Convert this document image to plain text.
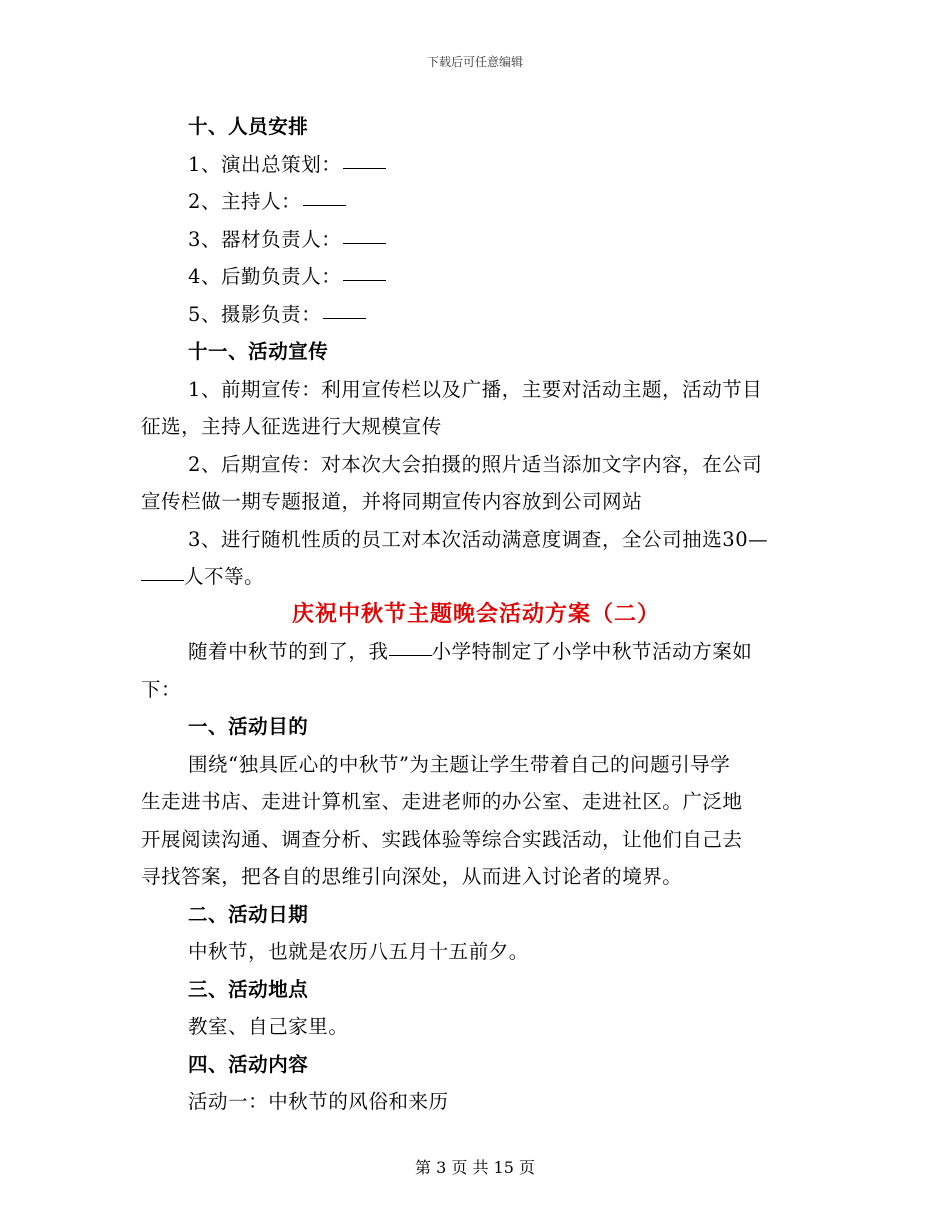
下载后可任意编辑
十、人员安排
1、演出总策划：
2、主持人：
3、器材负责人：
4、后勤负责人：
5、摄影负责：
十一、活动宣传
1、前期宣传：利用宣传栏以及广播，主要对活动主题，活动节目
征选，主持人征选进行大规模宣传
2、后期宣传：对本次大会拍摄的照片适当添加文字内容，在公司
宣传栏做一期专题报道，并将同期宣传内容放到公司网站
3、进行随机性质的员工对本次活动满意度调查，全公司抽选30—
人不等。
庆祝中秋节主题晚会活动方案（二）
随着中秋节的到了，我 小学特制定了小学中秋节活动方案如
下：
一、活动目的
围绕“独具匠心的中秋节”为主题让学生带着自己的问题引导学
生走进书店、走进计算机室、走进老师的办公室、走进社区。广泛地
开展阅读沟通、调查分析、实践体验等综合实践活动，让他们自己去
寻找答案，把各自的思维引向深处，从而进入讨论者的境界。
二、活动日期
中秋节，也就是农历八五月十五前夕。
三、活动地点
教室、自己家里。
四、活动内容
活动一：中秋节的风俗和来历
第 3 页 共 15 页
